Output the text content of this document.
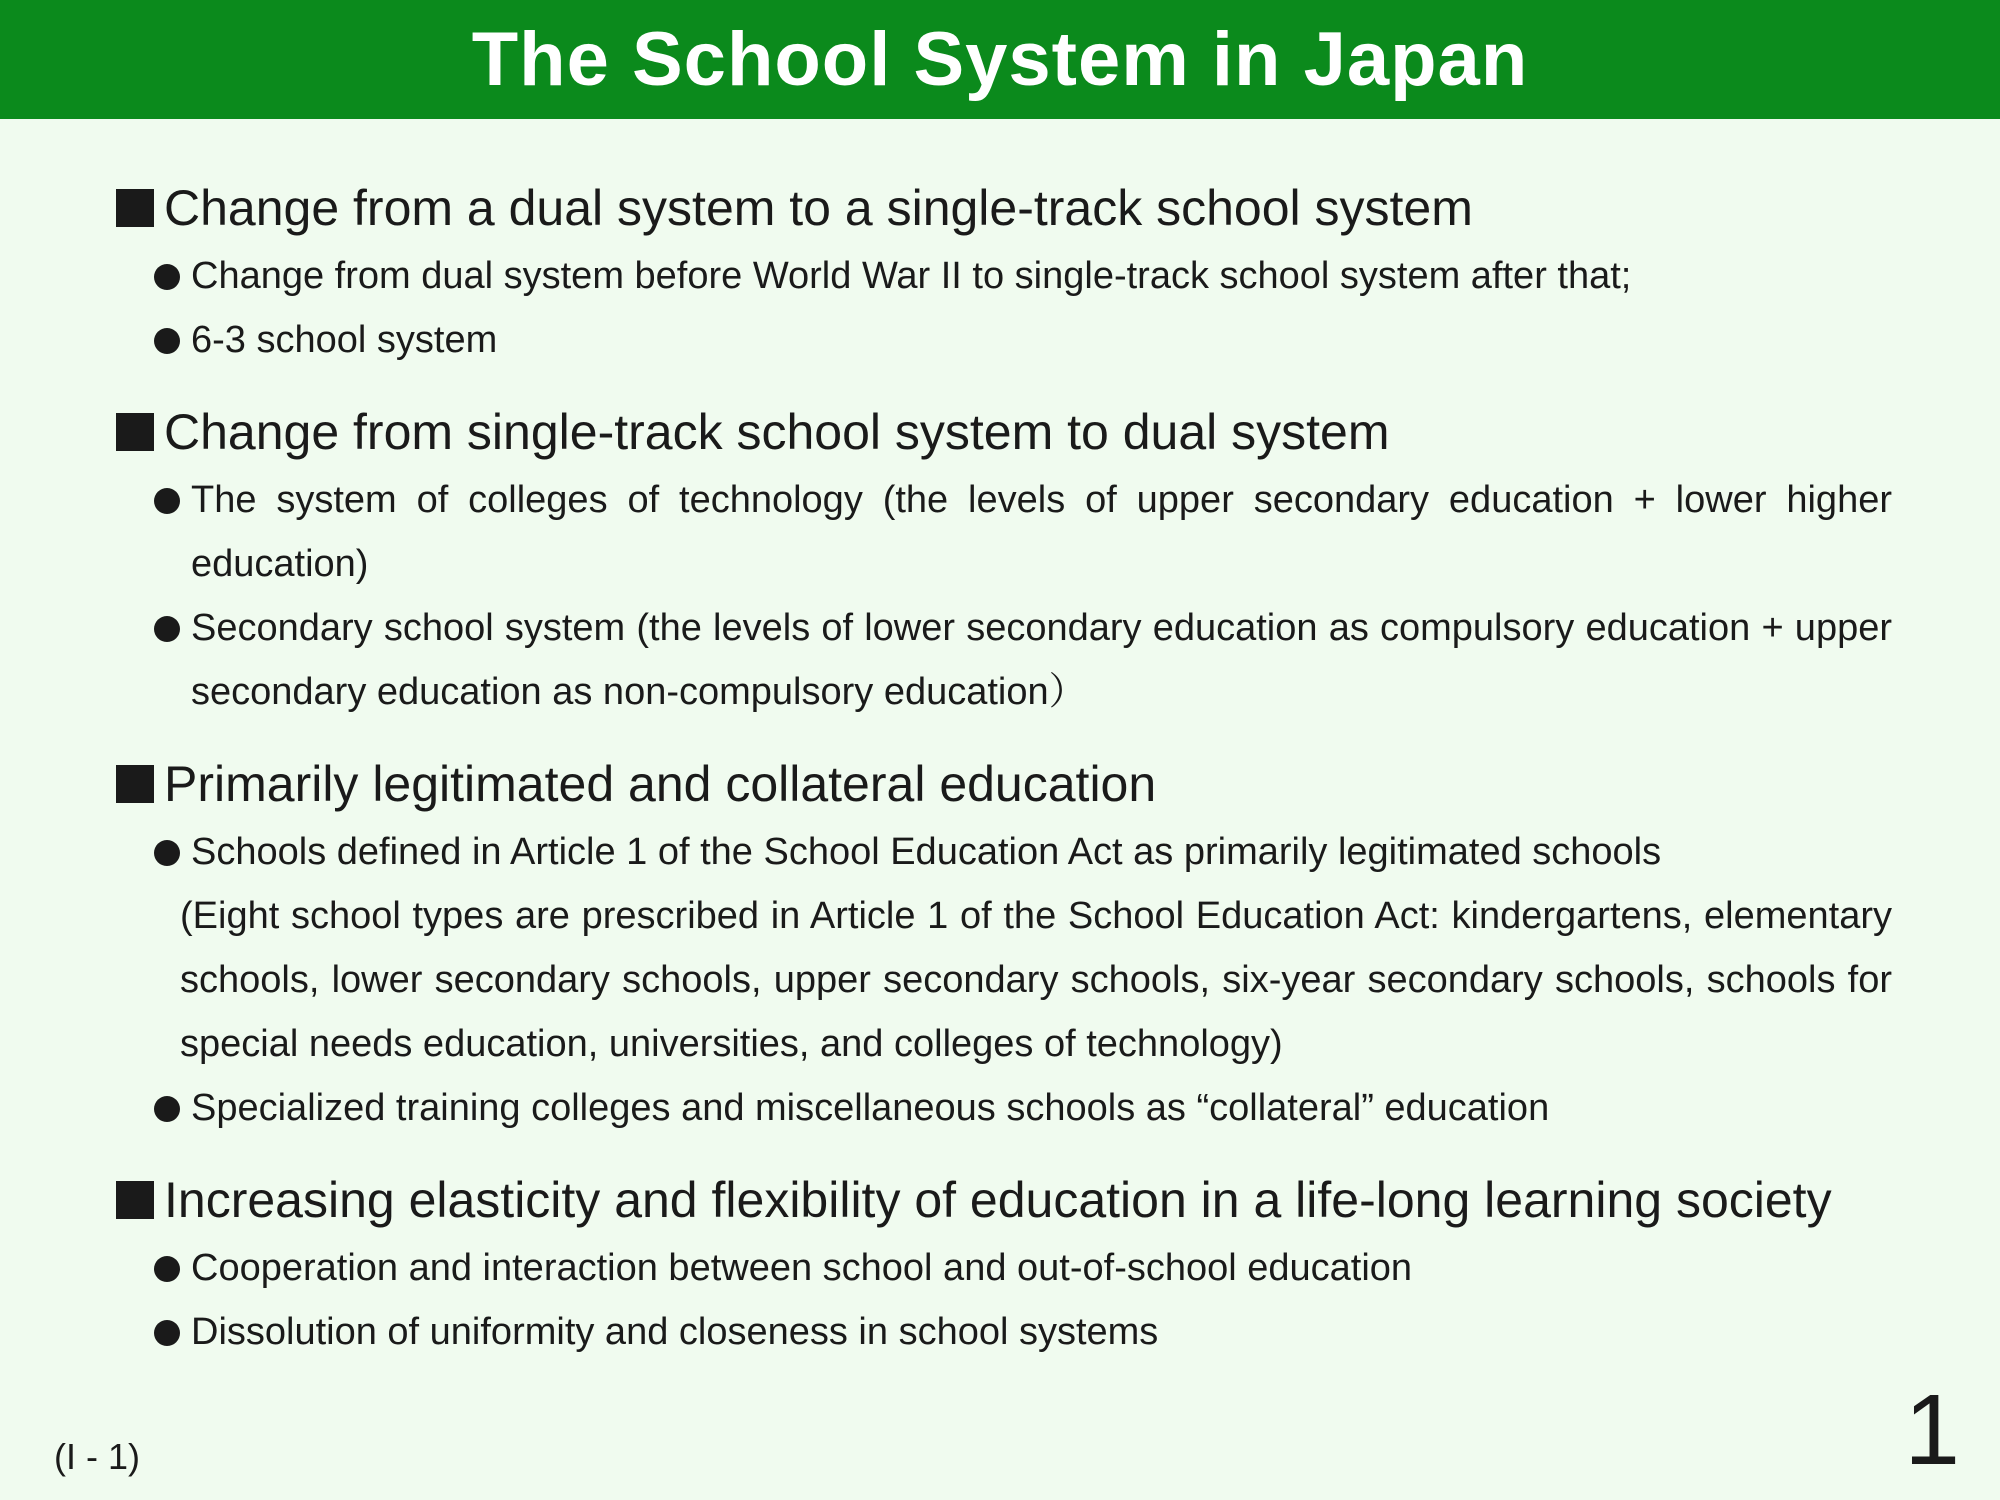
The School System in Japan
Change from a dual system to a single-track school system
Change from dual system before World War II to single-track school system after that;
6-3 school system
Change from single-track school system to dual system
The system of colleges of technology (the levels of upper secondary education + lower higher education)
Secondary school system (the levels of lower secondary education as compulsory education + upper secondary education as non-compulsory education）
Primarily legitimated and collateral education
Schools defined in Article 1 of the School Education Act as primarily legitimated schools
(Eight school types are prescribed in Article 1 of the School Education Act: kindergartens, elementary schools, lower secondary schools, upper secondary schools, six-year secondary schools, schools for special needs education, universities, and colleges of technology)
Specialized training colleges and miscellaneous schools as “collateral” education
Increasing elasticity and flexibility of education in a life-long learning society
Cooperation and interaction between school and out-of-school education
Dissolution of uniformity and closeness in school systems
(I - 1)	1
